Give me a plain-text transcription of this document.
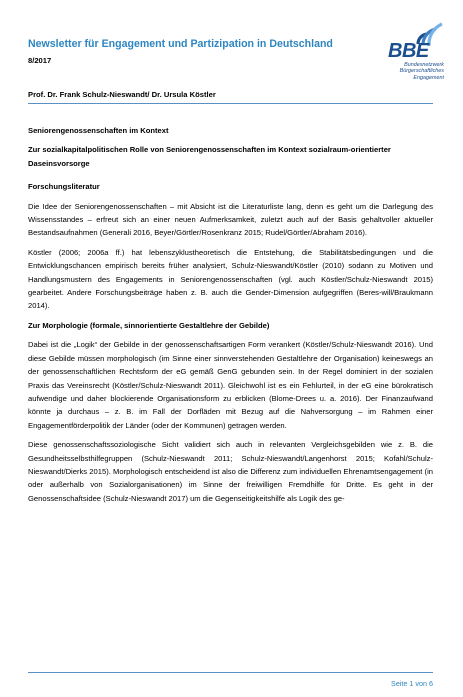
Newsletter für Engagement und Partizipation in Deutschland
8/2017	BBE
Bundesnetzwerk
Bürgerschaftliches
Engagement
Prof. Dr. Frank Schulz-Nieswandt/ Dr. Ursula Köstler

Seniorengenossenschaften im Kontext

Zur sozialkapitalpolitischen Rolle von Seniorengenossenschaften im Kontext sozialraum-orientierter Daseinsvorsorge

Forschungsliteratur

Die Idee der Seniorengenossenschaften – mit Absicht ist die Literaturliste lang, denn es geht um die Darlegung des Wissensstandes – erfreut sich an einer neuen Aufmerksamkeit, zuletzt auch auf der Basis gehaltvoller aktueller Bestandsaufnahmen (Generali 2016, Beyer/Görtler/Rosenkranz 2015; Rudel/Görtler/Abraham 2016).

Köstler (2006; 2006a ff.) hat lebenszyklustheoretisch die Entstehung, die Stabilitätsbedingungen und die Entwicklungschancen empirisch bereits früher analysiert, Schulz-Nieswandt/Köstler (2010) sodann zu Motiven und Handlungsmustern des Engagements in Seniorengenossenschaften (vgl. auch Köstler/Schulz-Nieswandt 2015) gearbeitet. Andere Forschungsbeiträge haben z. B. auch die Gender-Dimension aufgegriffen (Beres-will/Braukmann 2014).

Zur Morphologie (formale, sinnorientierte Gestaltlehre der Gebilde)

Dabei ist die „Logik“ der Gebilde in der genossenschaftsartigen Form verankert (Köstler/Schulz-Nieswandt 2016). Und diese Gebilde müssen morphologisch (im Sinne einer sinnverstehenden Gestaltlehre der Organisation) keineswegs an der genossenschaftlichen Rechtsform der eG gemäß GenG gebunden sein. In der Regel dominiert in der sozialen Praxis das Vereinsrecht (Köstler/Schulz-Nieswandt 2011). Gleichwohl ist es ein Fehlurteil, in der eG eine bürokratisch aufwendige und daher blockierende Organisationsform zu erblicken (Blome-Drees u. a. 2016). Der Finanzaufwand könnte ja durchaus – z. B. im Fall der Dorfläden mit Bezug auf die Nahversorgung – im Rahmen einer Engagementförderpolitik der Länder (oder der Kommunen) getragen werden.

Diese genossenschaftssoziologische Sicht validiert sich auch in relevanten Vergleichsgebilden wie z. B. die Gesundheitsselbsthilfegruppen (Schulz-Nieswandt 2011; Schulz-Nieswandt/Langenhorst 2015; Kofahl/Schulz-Nieswandt/Dierks 2015). Morphologisch entscheidend ist also die Differenz zum individuellen Ehrenamtsengagement (in oder außerhalb von Sozialorganisationen) im Sinne der freiwilligen Fremdhilfe für Dritte. Es geht in der Genossenschaftsidee (Schulz-Nieswandt 2017) um die Gegenseitigkeitshilfe als Logik des ge-

Seite 1 von 6
